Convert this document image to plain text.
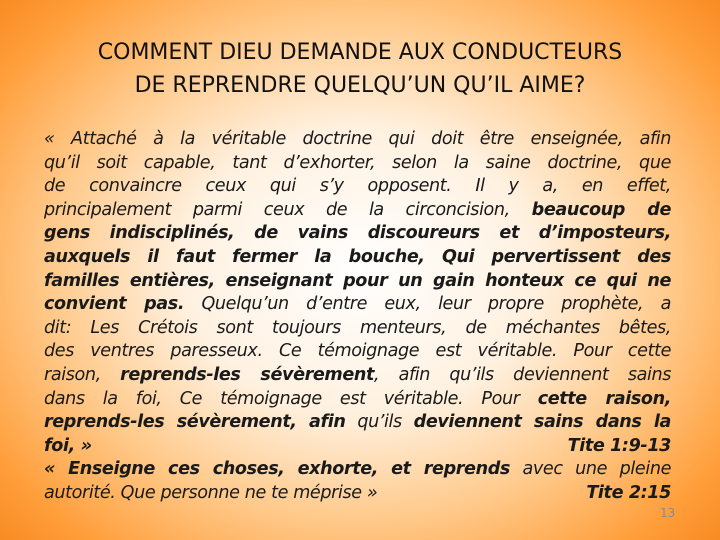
COMMENT DIEU DEMANDE AUX CONDUCTEURS
DE REPRENDRE QUELQU’UN QU’IL AIME?
« Attaché à la véritable doctrine qui doit être enseignée, afin
qu’il soit capable, tant d’exhorter, selon la saine doctrine, que
de convaincre ceux qui s’y opposent. Il y a, en effet,
principalement parmi ceux de la circoncision, beaucoup de
gens indisciplinés, de vains discoureurs et d’imposteurs,
auxquels il faut fermer la bouche, Qui pervertissent des
familles entières, enseignant pour un gain honteux ce qui ne
convient pas. Quelqu’un d’entre eux, leur propre prophète, a
dit: Les Crétois sont toujours menteurs, de méchantes bêtes,
des ventres paresseux. Ce témoignage est véritable. Pour cette
raison, reprends-les sévèrement, afin qu’ils deviennent sains
dans la foi, Ce témoignage est véritable. Pour cette raison,
reprends-les sévèrement, afin qu’ils deviennent sains dans la
foi, »	Tite 1:9-13
« Enseigne ces choses, exhorte, et reprends avec une pleine
autorité. Que personne ne te méprise »	Tite 2:15
13
